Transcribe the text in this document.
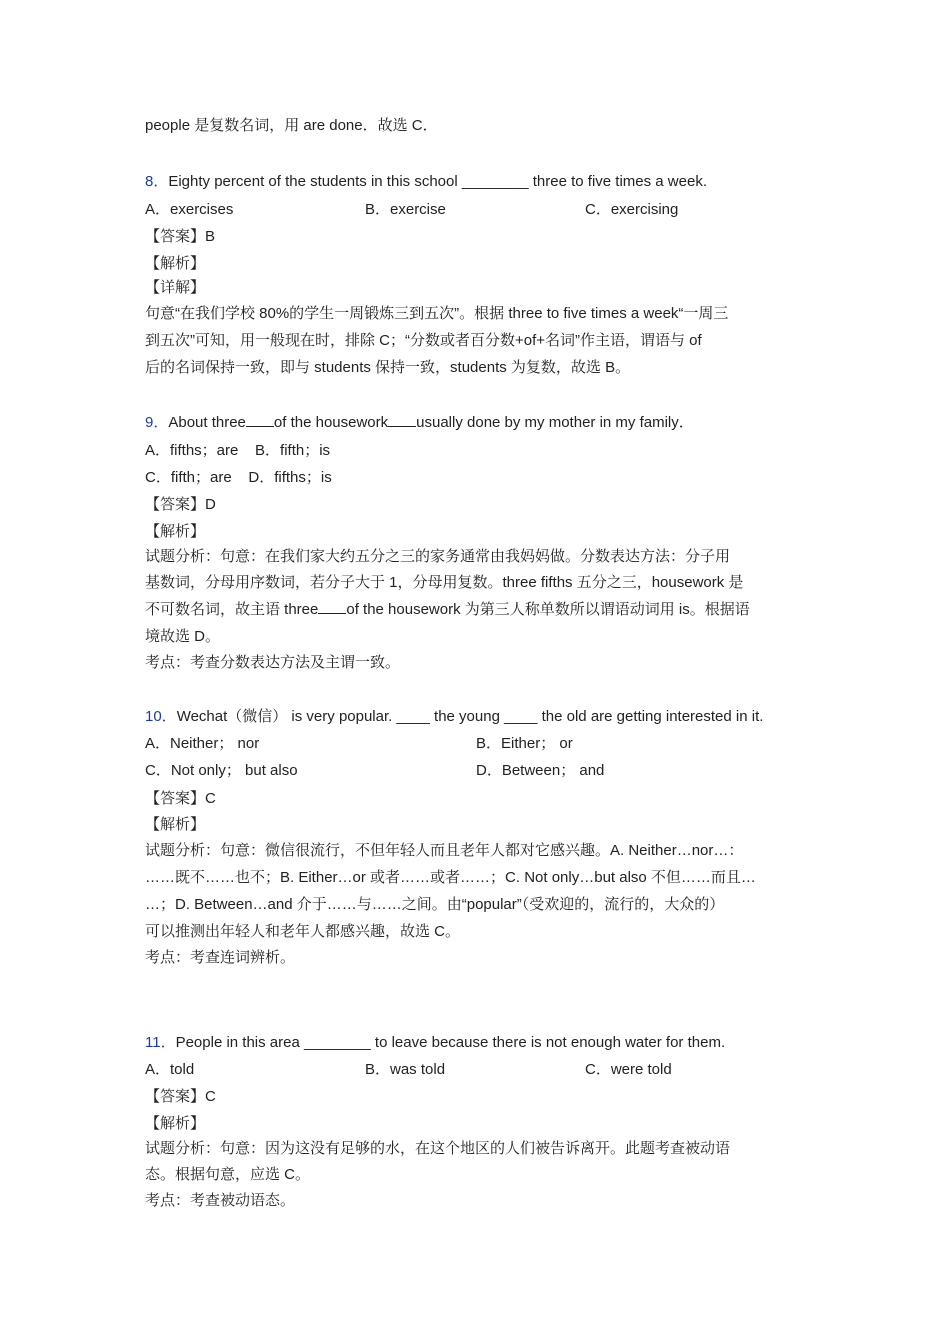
people 是复数名词，用 are done．故选 C．
8．Eighty percent of the students in this school ________ three to five times a week.
A．exercises	B．exercise	C．exercising
【答案】B
【解析】
【详解】
句意“在我们学校 80%的学生一周锻炼三到五次”。根据 three to five times a week“一周三
到五次”可知，用一般现在时，排除 C；“分数或者百分数+of+名词”作主语，谓语与 of
后的名词保持一致，即与 students 保持一致，students 为复数，故选 B。
9．About three of the housework usually done by my mother in my family．
A．fifths；are    B．fifth；is
C．fifth；are    D．fifths；is
【答案】D
【解析】
试题分析：句意：在我们家大约五分之三的家务通常由我妈妈做。分数表达方法：分子用
基数词，分母用序数词，若分子大于 1，分母用复数。three fifths 五分之三，housework 是
不可数名词，故主语 three of the housework 为第三人称单数所以谓语动词用 is。根据语
境故选 D。
考点：考查分数表达方法及主谓一致。
10．Wechat（微信） is very popular. ____ the young ____ the old are getting interested in it.
A．Neither； nor	B．Either； or
C．Not only； but also	D．Between； and
【答案】C
【解析】
试题分析：句意：微信很流行，不但年轻人而且老年人都对它感兴趣。A. Neither…nor…：
……既不……也不；B. Either…or 或者……或者……；C. Not only…but also 不但……而且…
…；D. Between…and 介于……与……之间。由“popular”（受欢迎的，流行的，大众的）
可以推测出年轻人和老年人都感兴趣，故选 C。
考点：考查连词辨析。
11．People in this area ________ to leave because there is not enough water for them.
A．told	B．was told	C．were told
【答案】C
【解析】
试题分析：句意：因为这没有足够的水，在这个地区的人们被告诉离开。此题考查被动语
态。根据句意，应选 C。
考点：考查被动语态。
